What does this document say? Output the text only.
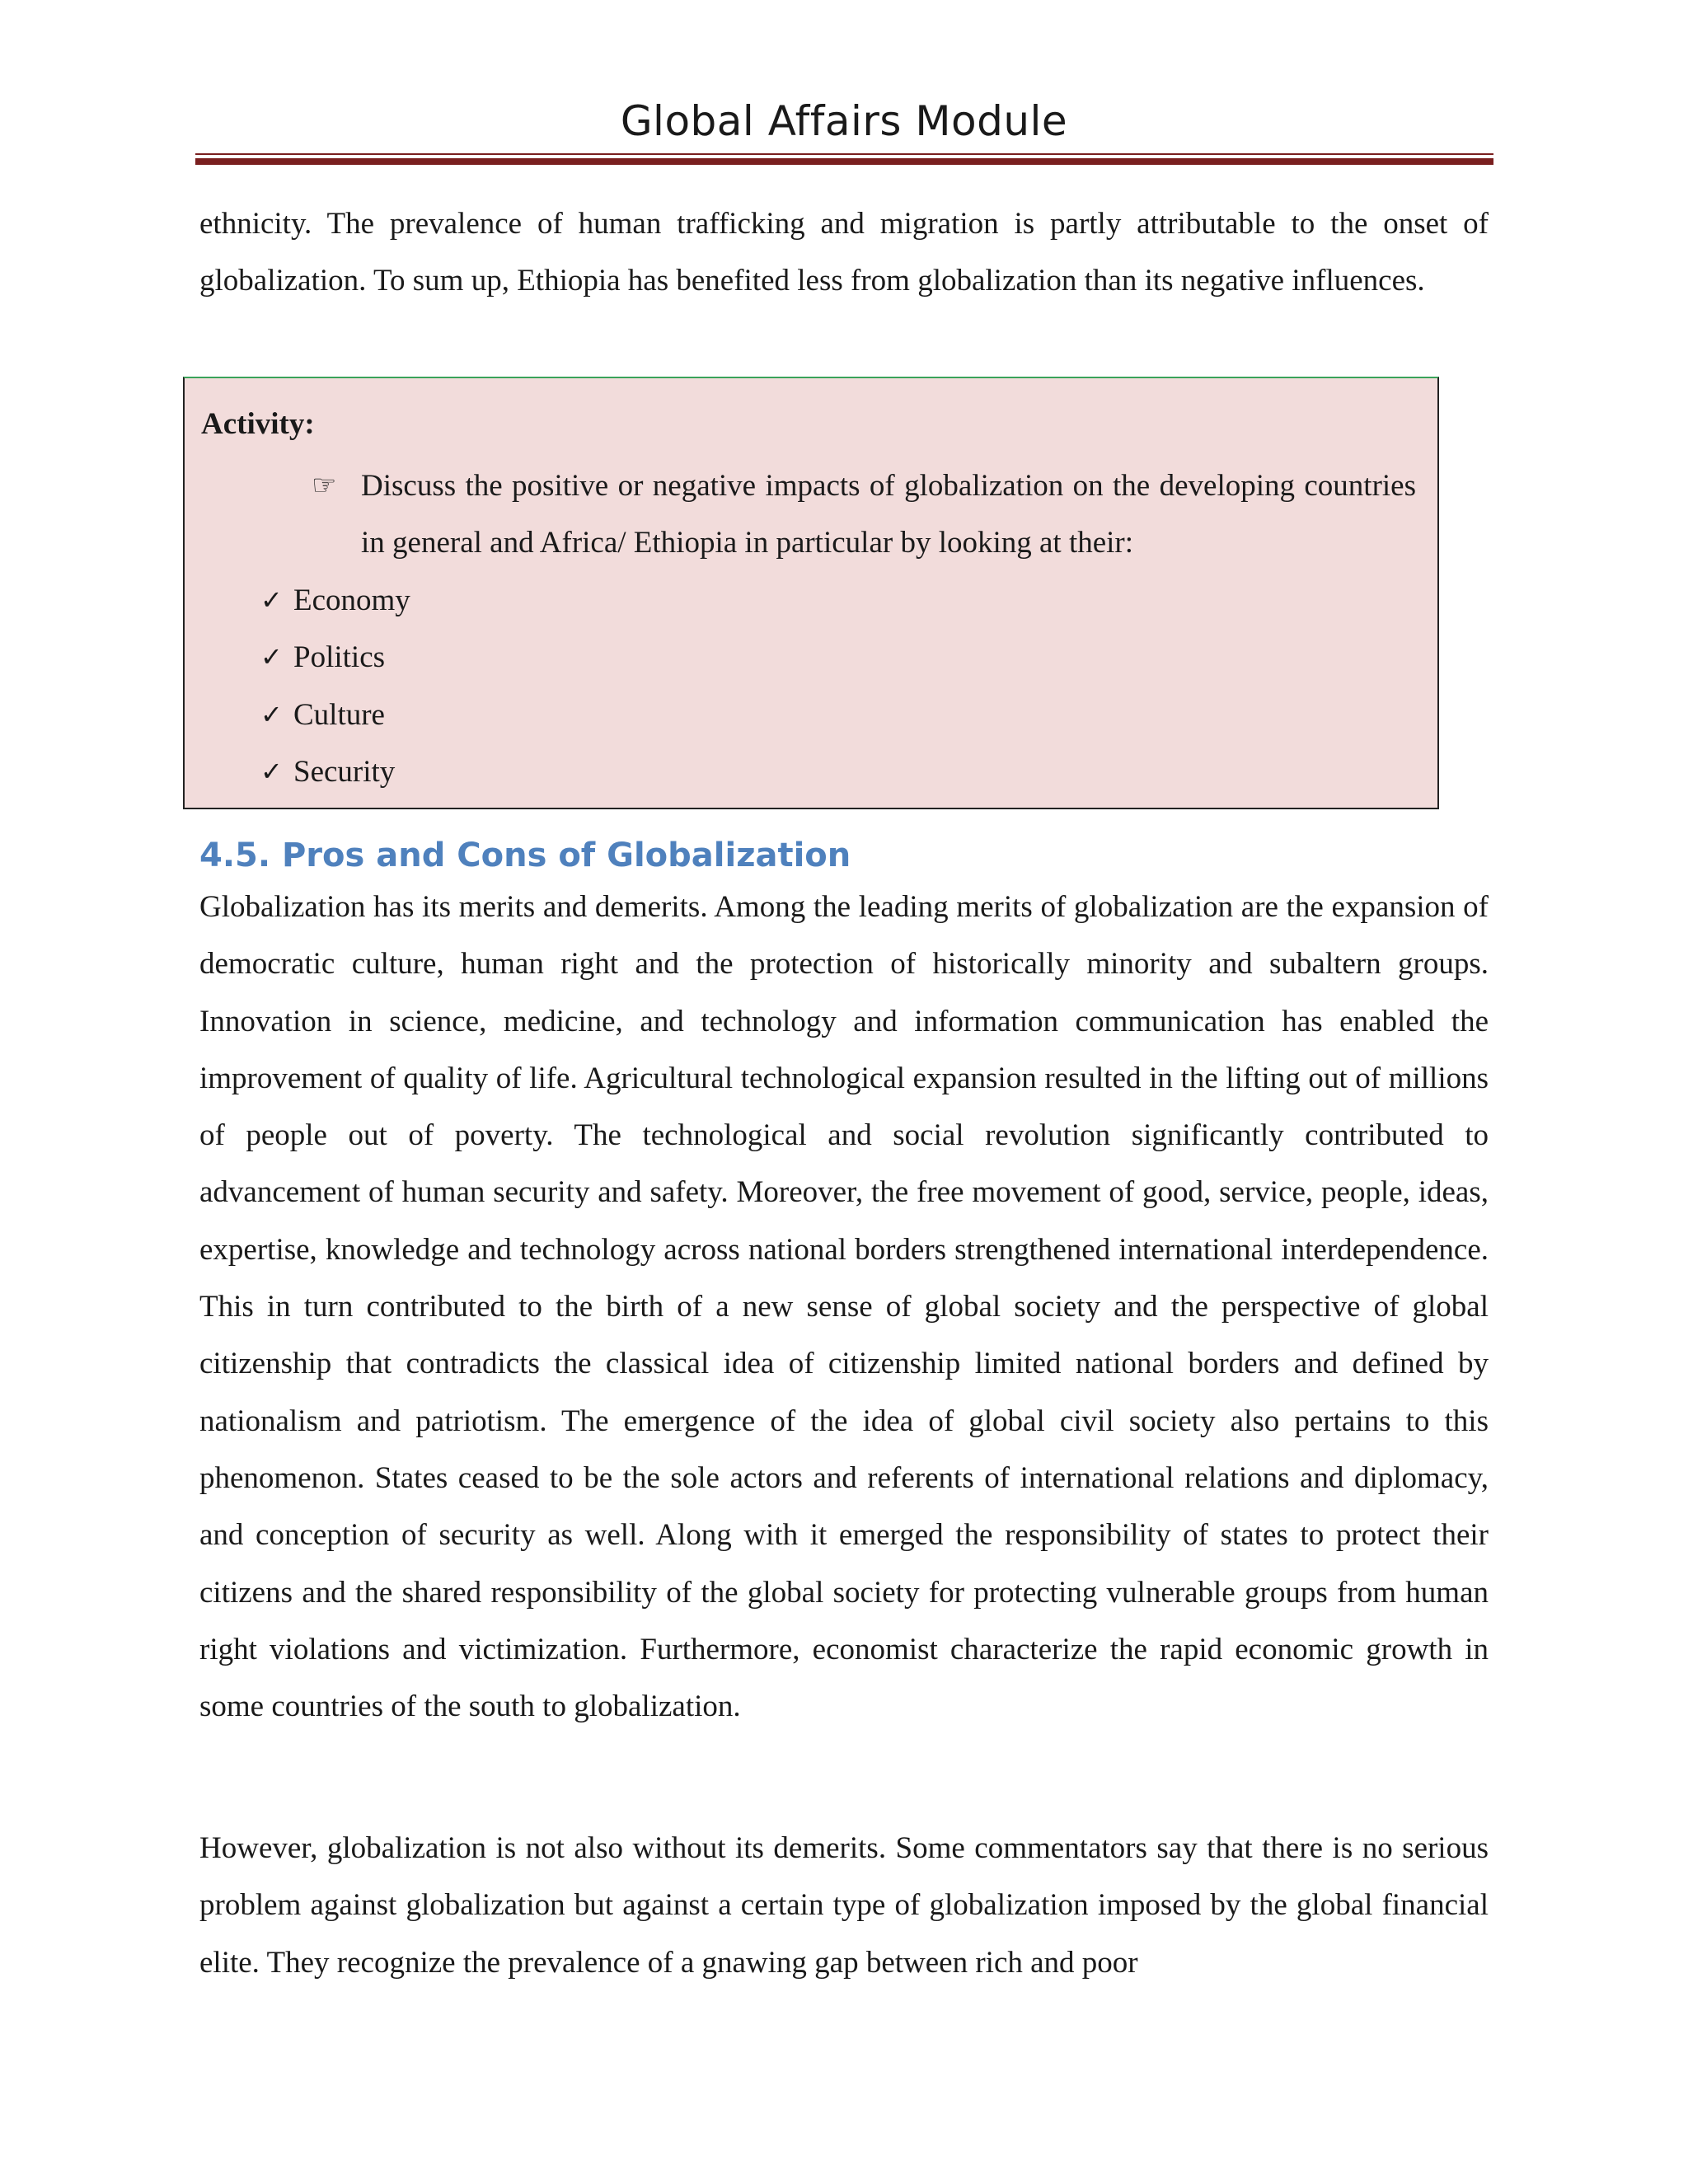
Global Affairs Module

ethnicity. The prevalence of human trafficking and migration is partly attributable to the onset of globalization. To sum up, Ethiopia has benefited less from globalization than its negative influences.

Activity:

☞ Discuss the positive or negative impacts of globalization on the developing countries in general and Africa/ Ethiopia in particular by looking at their:
✓ Economy
✓ Politics
✓ Culture
✓ Security
4.5. Pros and Cons of Globalization

Globalization has its merits and demerits. Among the leading merits of globalization are the expansion of democratic culture, human right and the protection of historically minority and subaltern groups. Innovation in science, medicine, and technology and information communication has enabled the improvement of quality of life. Agricultural technological expansion resulted in the lifting out of millions of people out of poverty. The technological and social revolution significantly contributed to advancement of human security and safety. Moreover, the free movement of good, service, people, ideas, expertise, knowledge and technology across national borders strengthened international interdependence. This in turn contributed to the birth of a new sense of global society and the perspective of global citizenship that contradicts the classical idea of citizenship limited national borders and defined by nationalism and patriotism. The emergence of the idea of global civil society also pertains to this phenomenon. States ceased to be the sole actors and referents of international relations and diplomacy, and conception of security as well. Along with it emerged the responsibility of states to protect their citizens and the shared responsibility of the global society for protecting vulnerable groups from human right violations and victimization. Furthermore, economist characterize the rapid economic growth in some countries of the south to globalization.

However, globalization is not also without its demerits. Some commentators say that there is no serious problem against globalization but against a certain type of globalization imposed by the global financial elite. They recognize the prevalence of a gnawing gap between rich and poor
